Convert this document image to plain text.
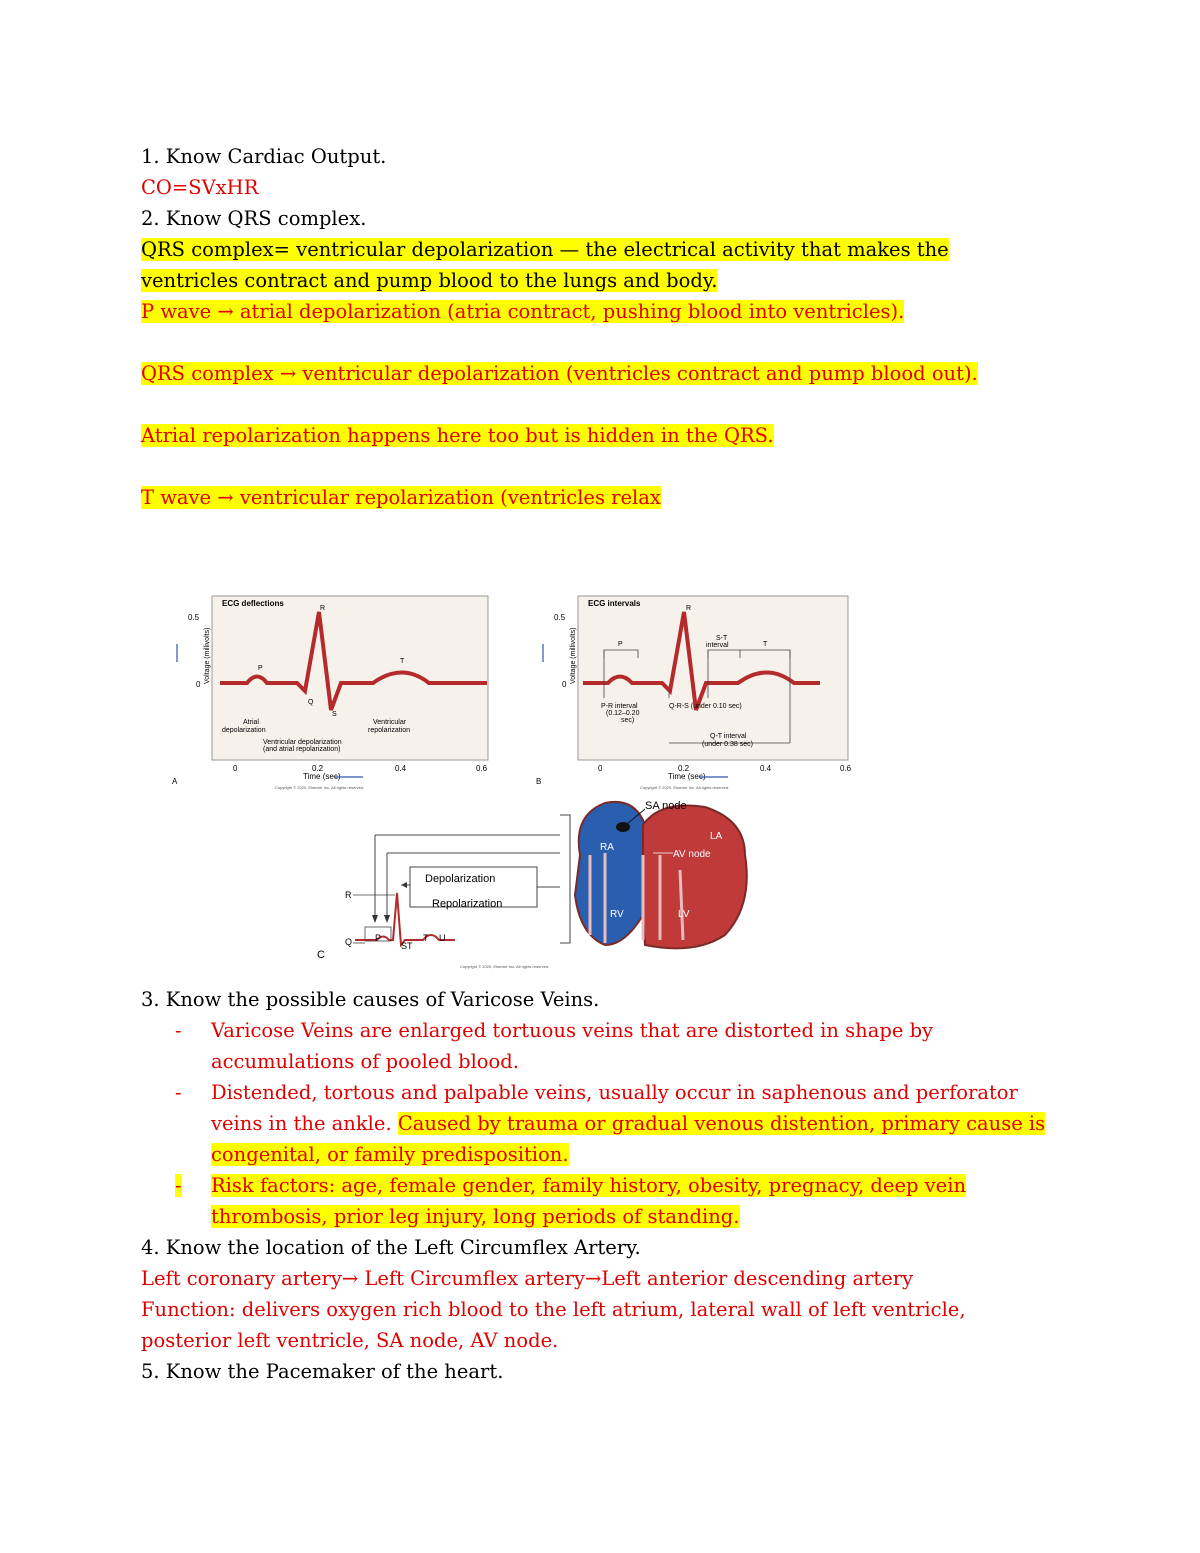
1. Know Cardiac Output.
CO=SVxHR
2. Know QRS complex.
QRS complex= ventricular depolarization — the electrical activity that makes the
ventricles contract and pump blood to the lungs and body.
P wave → atrial depolarization (atria contract, pushing blood into ventricles).
QRS complex → ventricular depolarization (ventricles contract and pump blood out).
Atrial repolarization happens here too but is hidden in the QRS.
T wave → ventricular repolarization (ventricles relax
ECG deflections
0.5
0
Voltage (millivolts)
R
P
T
Q
S
Atrial
depolarization
Ventricular
repolarization
Ventricular depolarization
(and atrial repolarization)
0	0.2	0.4	0.6
Time (sec)
A
Copyright © 2020, Elsevier Inc. All rights reserved.
ECG intervals
0.5
0
Voltage (millivolts)
R
P	T
S-T
interval
P-R interval
(0.12–0.20
sec)
Q-R-S (under 0.10 sec)
Q-T interval
(under 0.38 sec)
0	0.2	0.4	0.6
Time (sec)
B
Copyright © 2020, Elsevier Inc. All rights reserved.
Depolarization
Repolarization
R
Q	P
ST
T U
C
SA node
RA
LA
AV node
RV	LV
Copyright © 2020, Elsevier Inc. All rights reserved.
3. Know the possible causes of Varicose Veins.
- Varicose Veins are enlarged tortuous veins that are distorted in shape by
accumulations of pooled blood.
- Distended, tortous and palpable veins, usually occur in saphenous and perforator
veins in the ankle. Caused by trauma or gradual venous distention, primary cause is
congenital, or family predisposition.
- Risk factors: age, female gender, family history, obesity, pregnacy, deep vein
thrombosis, prior leg injury, long periods of standing.
4. Know the location of the Left Circumflex Artery.
Left coronary artery→ Left Circumflex artery→Left anterior descending artery
Function: delivers oxygen rich blood to the left atrium, lateral wall of left ventricle,
posterior left ventricle, SA node, AV node.
5. Know the Pacemaker of the heart.
